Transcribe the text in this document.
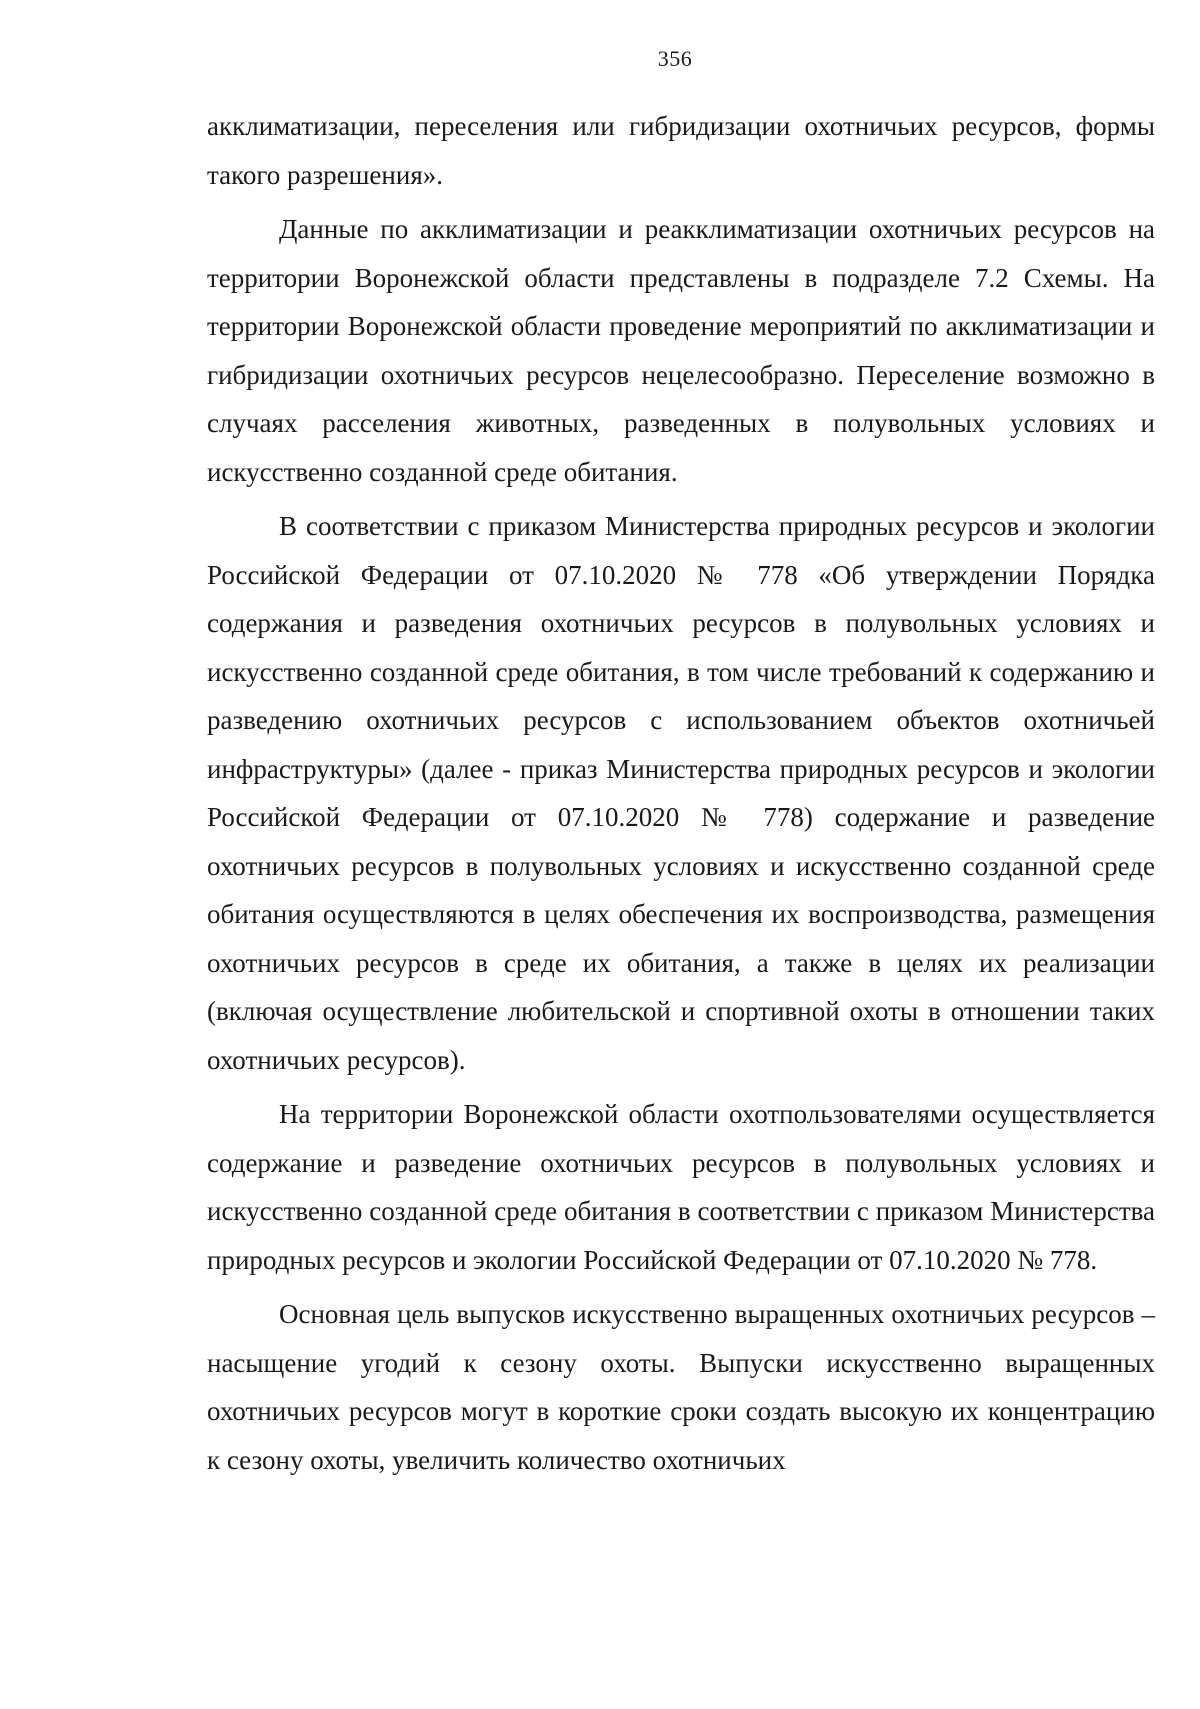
356

акклиматизации, переселения или гибридизации охотничьих ресурсов, формы такого разрешения».

Данные по акклиматизации и реакклиматизации охотничьих ресурсов на территории Воронежской области представлены в подразделе 7.2 Схемы. На территории Воронежской области проведение мероприятий по акклиматизации и гибридизации охотничьих ресурсов нецелесообразно. Переселение возможно в случаях расселения животных, разведенных в полувольных условиях и искусственно созданной среде обитания.

В соответствии с приказом Министерства природных ресурсов и экологии Российской Федерации от 07.10.2020 № 778 «Об утверждении Порядка содержания и разведения охотничьих ресурсов в полувольных условиях и искусственно созданной среде обитания, в том числе требований к содержанию и разведению охотничьих ресурсов с использованием объектов охотничьей инфраструктуры» (далее - приказ Министерства природных ресурсов и экологии Российской Федерации от 07.10.2020 № 778) содержание и разведение охотничьих ресурсов в полувольных условиях и искусственно созданной среде обитания осуществляются в целях обеспечения их воспроизводства, размещения охотничьих ресурсов в среде их обитания, а также в целях их реализации (включая осуществление любительской и спортивной охоты в отношении таких охотничьих ресурсов).

На территории Воронежской области охотпользователями осуществляется содержание и разведение охотничьих ресурсов в полувольных условиях и искусственно созданной среде обитания в соответствии с приказом Министерства природных ресурсов и экологии Российской Федерации от 07.10.2020 № 778.

Основная цель выпусков искусственно выращенных охотничьих ресурсов – насыщение угодий к сезону охоты. Выпуски искусственно выращенных охотничьих ресурсов могут в короткие сроки создать высокую их концентрацию к сезону охоты, увеличить количество охотничьих
